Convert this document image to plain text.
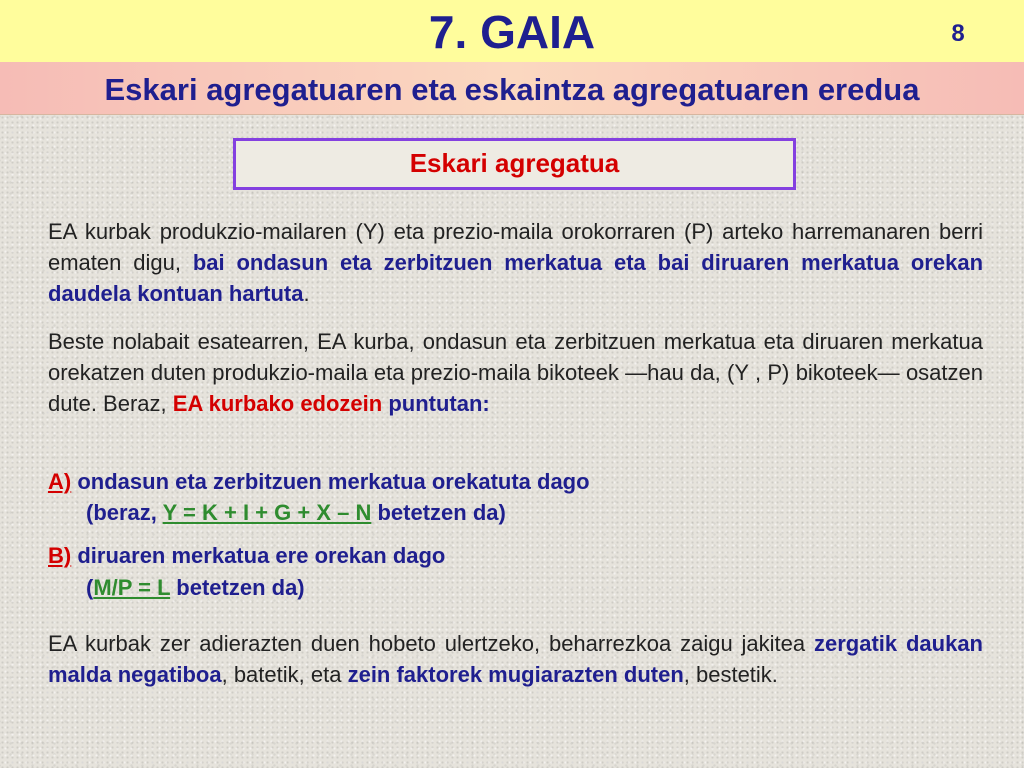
7. GAIA	8
Eskari agregatuaren eta eskaintza agregatuaren eredua
Eskari agregatua

EA kurbak produkzio-mailaren (Y) eta prezio-maila orokorraren (P) arteko harremanaren berri ematen digu, bai ondasun eta zerbitzuen merkatua eta bai diruaren merkatua orekan daudela kontuan hartuta.

Beste nolabait esatearren, EA kurba, ondasun eta zerbitzuen merkatua eta diruaren merkatua orekatzen duten produkzio-maila eta prezio-maila bikoteek —hau da, (Y , P) bikoteek— osatzen dute. Beraz, EA kurbako edozein puntutan:

A) ondasun eta zerbitzuen merkatua orekatuta dago
(beraz, Y = K + I + G + X – N betetzen da)
B) diruaren merkatua ere orekan dago
(M/P = L betetzen da)

EA kurbak zer adierazten duen hobeto ulertzeko, beharrezkoa zaigu jakitea zergatik daukan malda negatiboa, batetik, eta zein faktorek mugiarazten duten, bestetik.
